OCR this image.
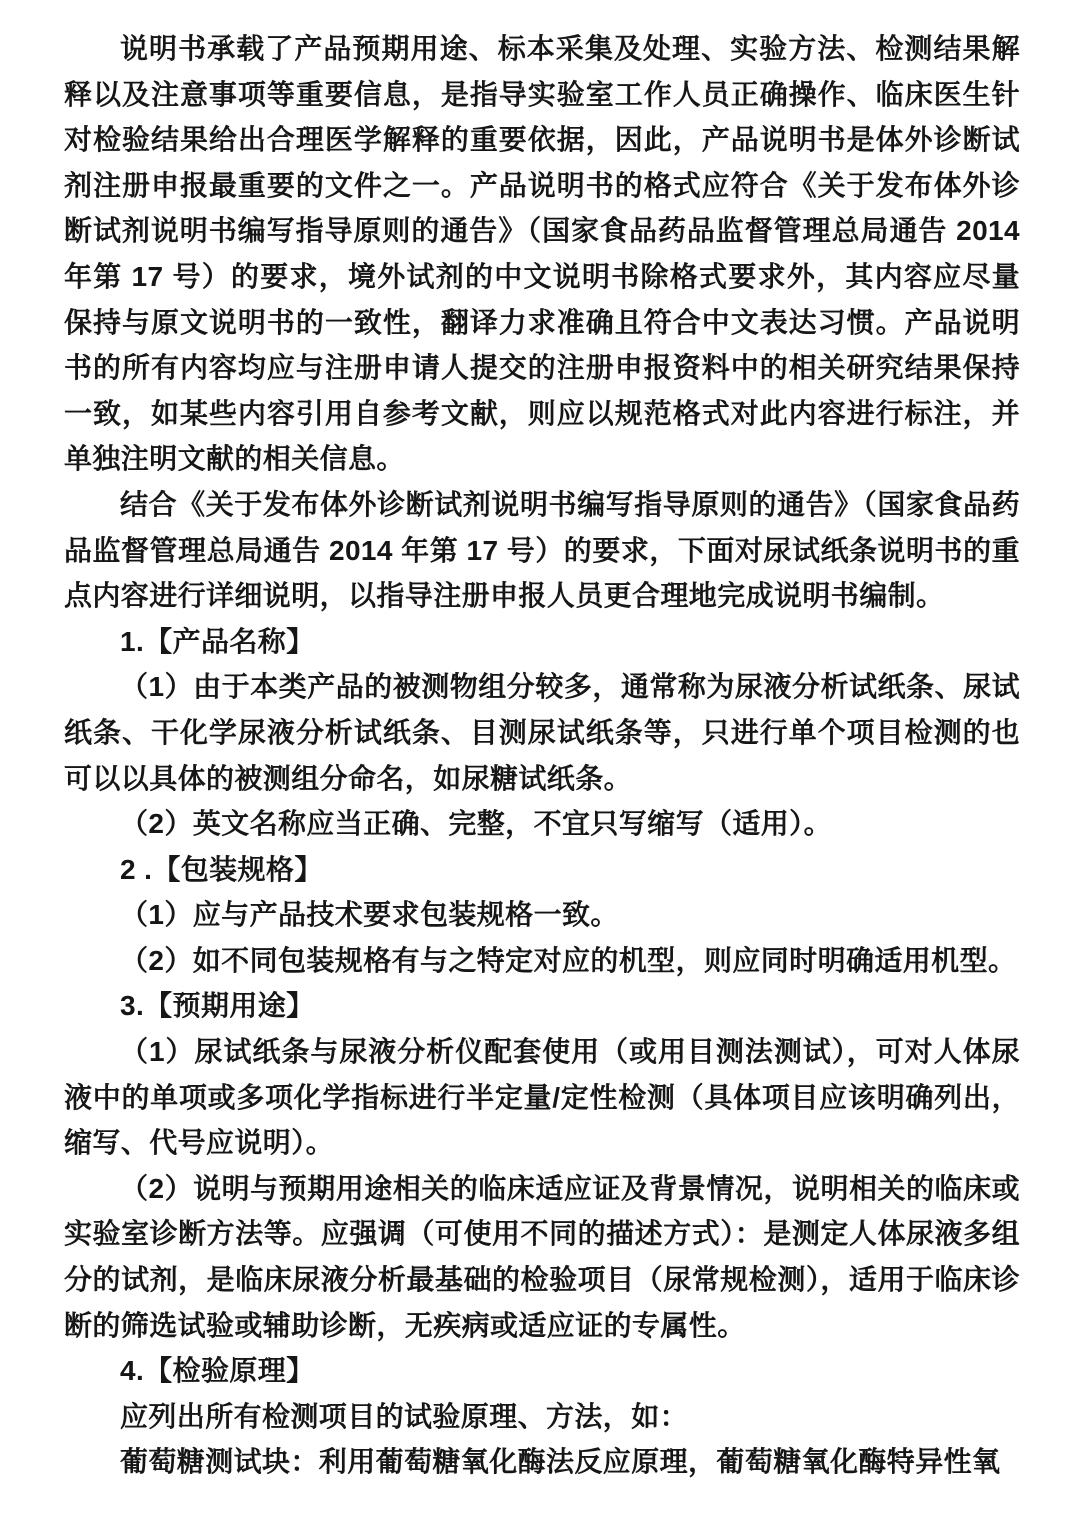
说明书承载了产品预期用途、标本采集及处理、实验方法、检测结果解释以及注意事项等重要信息，是指导实验室工作人员正确操作、临床医生针对检验结果给出合理医学解释的重要依据，因此，产品说明书是体外诊断试剂注册申报最重要的文件之一。产品说明书的格式应符合《关于发布体外诊断试剂说明书编写指导原则的通告》（国家食品药品监督管理总局通告 2014 年第 17 号）的要求，境外试剂的中文说明书除格式要求外，其内容应尽量保持与原文说明书的一致性，翻译力求准确且符合中文表达习惯。产品说明书的所有内容均应与注册申请人提交的注册申报资料中的相关研究结果保持一致，如某些内容引用自参考文献，则应以规范格式对此内容进行标注，并单独注明文献的相关信息。

结合《关于发布体外诊断试剂说明书编写指导原则的通告》（国家食品药品监督管理总局通告 2014 年第 17 号）的要求，下面对尿试纸条说明书的重点内容进行详细说明，以指导注册申报人员更合理地完成说明书编制。

1.【产品名称】

（1）由于本类产品的被测物组分较多，通常称为尿液分析试纸条、尿试纸条、干化学尿液分析试纸条、目测尿试纸条等，只进行单个项目检测的也可以以具体的被测组分命名，如尿糖试纸条。

（2）英文名称应当正确、完整，不宜只写缩写（适用）。

2 .【包装规格】

（1）应与产品技术要求包装规格一致。

（2）如不同包装规格有与之特定对应的机型，则应同时明确适用机型。

3.【预期用途】

（1）尿试纸条与尿液分析仪配套使用（或用目测法测试），可对人体尿液中的单项或多项化学指标进行半定量/定性检测（具体项目应该明确列出，缩写、代号应说明）。

（2）说明与预期用途相关的临床适应证及背景情况，说明相关的临床或实验室诊断方法等。应强调（可使用不同的描述方式）：是测定人体尿液多组分的试剂，是临床尿液分析最基础的检验项目（尿常规检测），适用于临床诊断的筛选试验或辅助诊断，无疾病或适应证的专属性。

4.【检验原理】

应列出所有检测项目的试验原理、方法，如：

葡萄糖测试块：利用葡萄糖氧化酶法反应原理，葡萄糖氧化酶特异性氧
